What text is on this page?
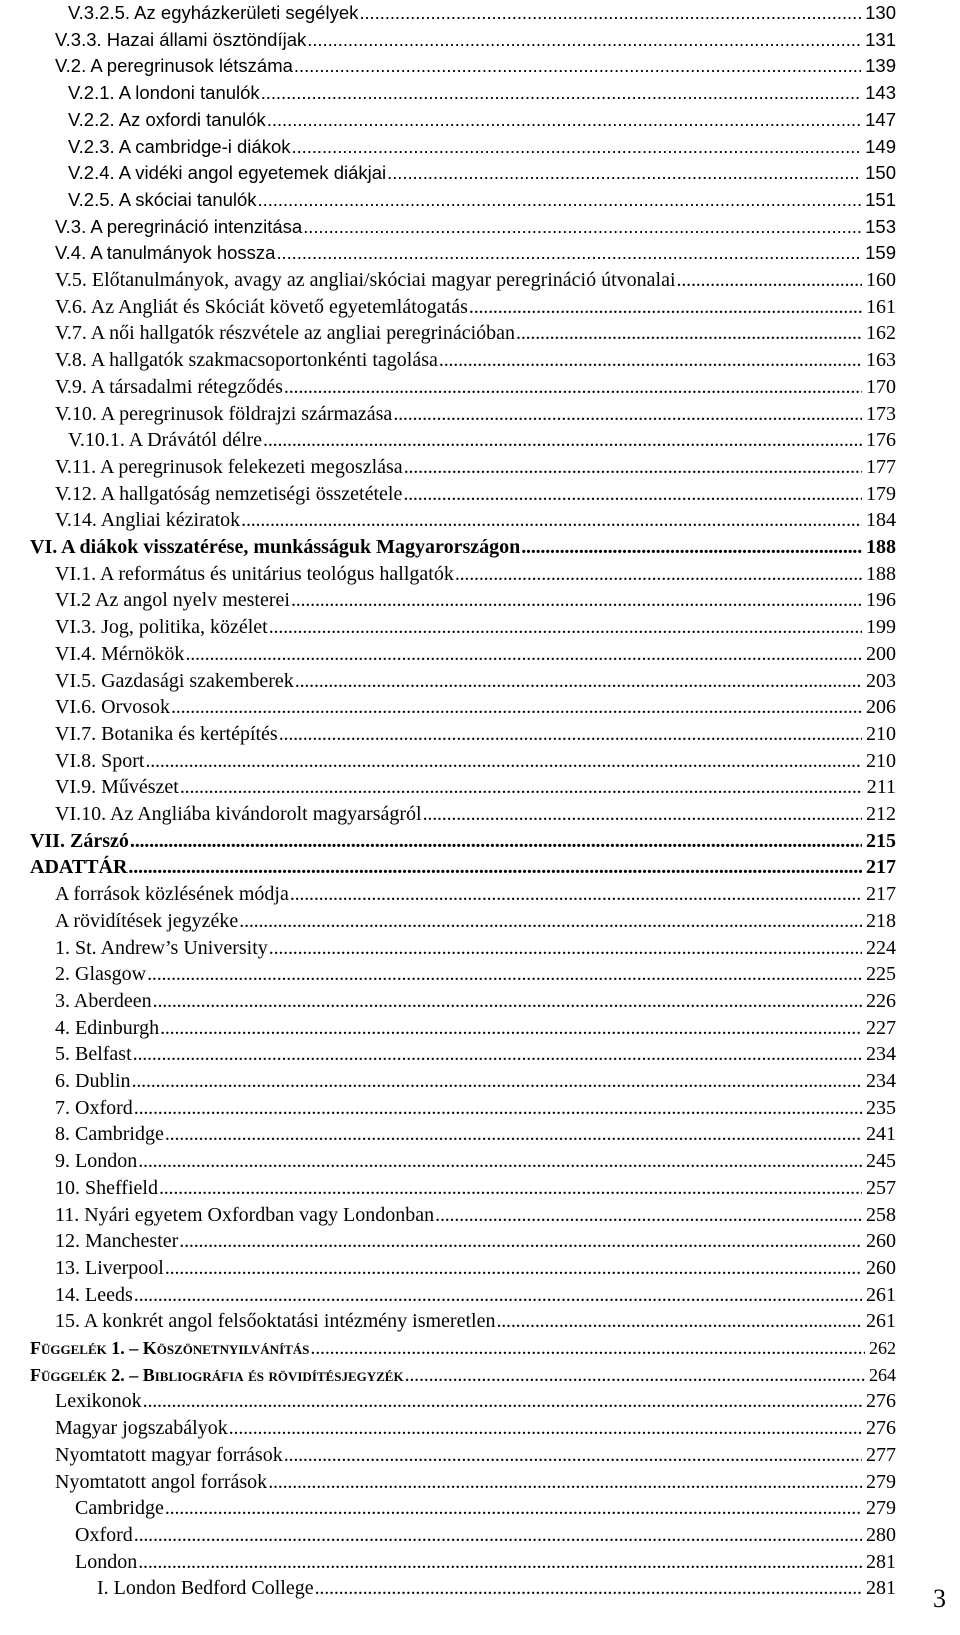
V.3.2.5. Az egyházkerületi segélyek . . .	130
V.3.3. Hazai állami ösztöndíjak . . .	131
V.2. A peregrinusok létszáma . . .	139
V.2.1. A londoni tanulók . . .	143
V.2.2. Az oxfordi tanulók . . .	147
V.2.3. A cambridge-i diákok . . .	149
V.2.4. A vidéki angol egyetemek diákjai . . .	150
V.2.5. A skóciai tanulók . . .	151
V.3. A peregrináció intenzitása . . .	153
V.4. A tanulmányok hossza . . .	159
V.5. Előtanulmányok, avagy az angliai/skóciai magyar peregrináció útvonalai . . .	160
V.6. Az Angliát és Skóciát követő egyetemlátogatás . . .	161
V.7. A női hallgatók részvétele az angliai peregrinációban . . .	162
V.8. A hallgatók szakmacsoportonkénti tagolása . . .	163
V.9. A társadalmi rétegződés . . .	170
V.10. A peregrinusok földrajzi származása . . .	173
V.10.1. A Drávától délre . . .	176
V.11. A peregrinusok felekezeti megoszlása . . .	177
V.12. A hallgatóság nemzetiségi összetétele . . .	179
V.14. Angliai kéziratok . . .	184
VI. A diákok visszatérése, munkásságuk Magyarországon . . .	188
VI.1. A református és unitárius teológus hallgatók . . .	188
VI.2 Az angol nyelv mesterei . . .	196
VI.3. Jog, politika, közélet . . .	199
VI.4. Mérnökök . . .	200
VI.5. Gazdasági szakemberek . . .	203
VI.6. Orvosok . . .	206
VI.7. Botanika és kertépítés . . .	210
VI.8. Sport . . .	210
VI.9. Művészet . . .	211
VI.10. Az Angliába kivándorolt magyarságról . . .	212
VII. Zárszó . . .	215
ADATTÁR . . .	217
A források közlésének módja . . .	217
A rövidítések jegyzéke . . .	218
1. St. Andrew’s University . . .	224
2. Glasgow . . .	225
3. Aberdeen . . .	226
4. Edinburgh . . .	227
5. Belfast . . .	234
6. Dublin . . .	234
7. Oxford . . .	235
8. Cambridge . . .	241
9. London . . .	245
10. Sheffield . . .	257
11. Nyári egyetem Oxfordban vagy Londonban . . .	258
12. Manchester . . .	260
13. Liverpool . . .	260
14. Leeds . . .	261
15. A konkrét angol felsőoktatási intézmény ismeretlen . . .	261
Függelék 1. – Köszönetnyilvánítás . . .	262
Függelék 2. – Bibliográfia és rövidítésjegyzék . . .	264
Lexikonok . . .	276
Magyar jogszabályok . . .	276
Nyomtatott magyar források . . .	277
Nyomtatott angol források . . .	279
Cambridge . . .	279
Oxford . . .	280
London . . .	281
I. London Bedford College . . .	281 3
